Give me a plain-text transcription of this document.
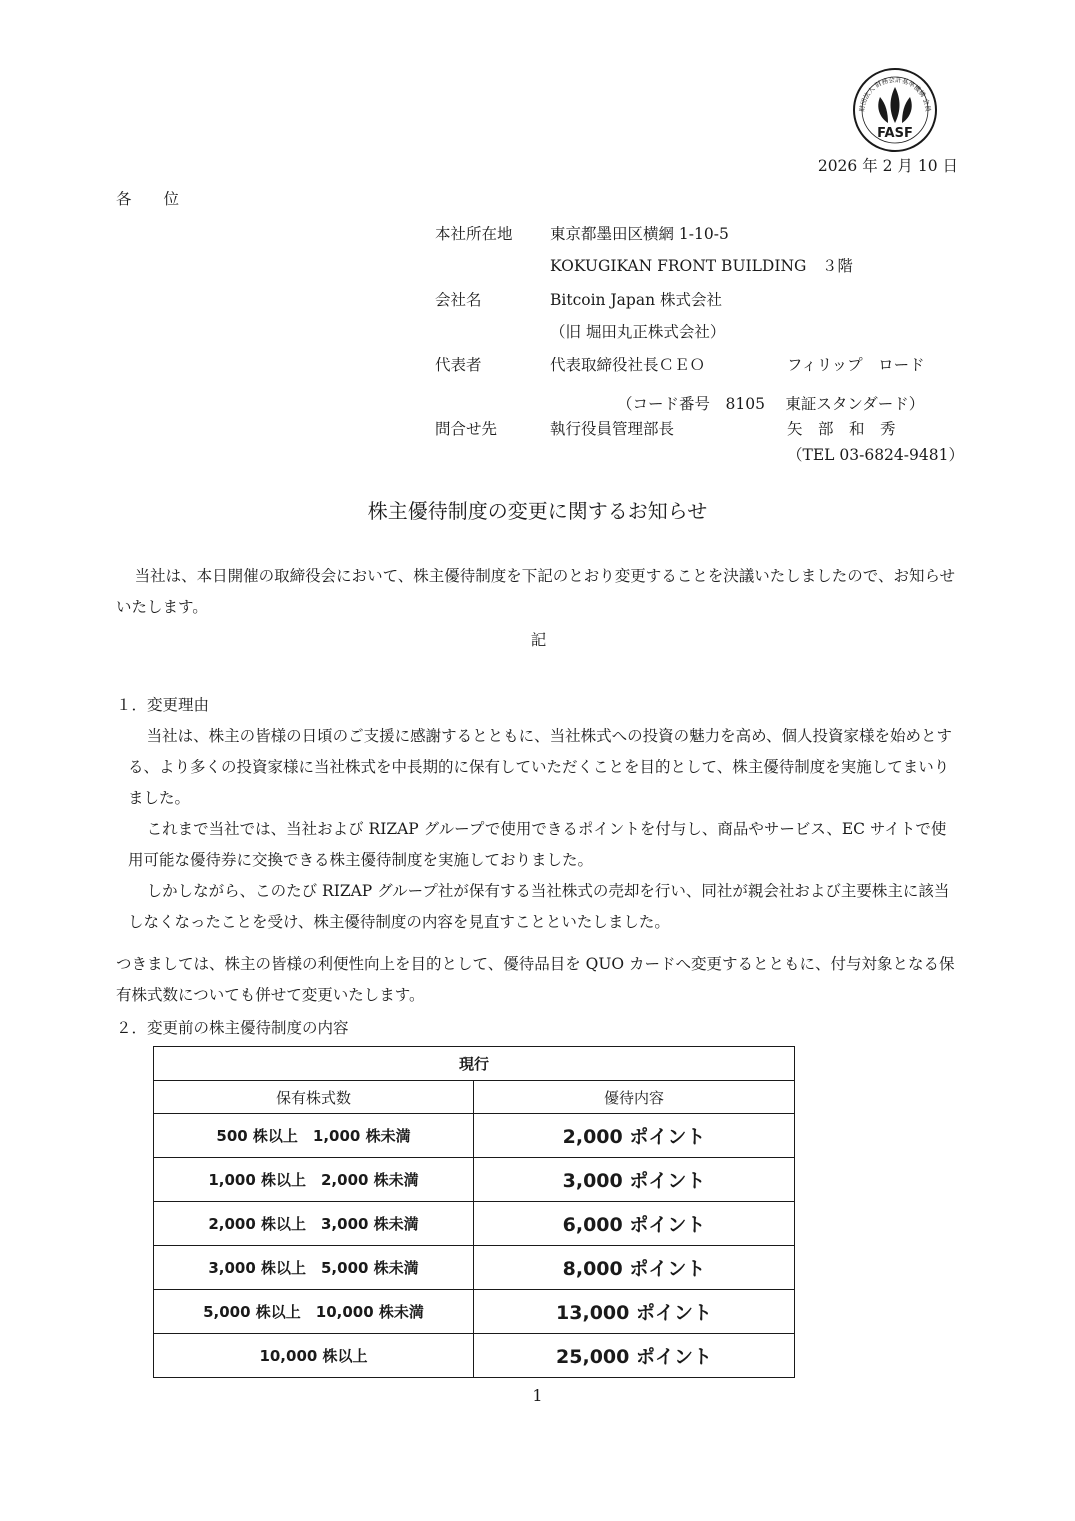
財団法人 財務会計基準機構 会員
FASF
2026 年 2 月 10 日
各位
本社所在地 東京都墨田区横網 1-10-5
KOKUGIKAN FRONT BUILDING　３階
会社名	Bitcoin Japan 株式会社
（旧 堀田丸正株式会社）
代表者	代表取締役社長ＣＥＯ	フィリップ　ロード
（コード番号　8105　 東証スタンダード）
問合せ先	執行役員管理部長	矢　部　和　秀
（TEL 03-6824-9481）
株主優待制度の変更に関するお知らせ

当社は、本日開催の取締役会において、株主優待制度を下記のとおり変更することを決議いたしましたので、お知らせいたします。

記
１．変更理由

当社は、株主の皆様の日頃のご支援に感謝するとともに、当社株式への投資の魅力を高め、個人投資家様を始めとする、より多くの投資家様に当社株式を中長期的に保有していただくことを目的として、株主優待制度を実施してまいりました。

これまで当社では、当社および RIZAP グループで使用できるポイントを付与し、商品やサービス、EC サイトで使用可能な優待券に交換できる株主優待制度を実施しておりました。

しかしながら、このたび RIZAP グループ社が保有する当社株式の売却を行い、同社が親会社および主要株主に該当しなくなったことを受け、株主優待制度の内容を見直すことといたしました。

つきましては、株主の皆様の利便性向上を目的として、優待品目を QUO カードへ変更するとともに、付与対象となる保有株式数についても併せて変更いたします。

２．変更前の株主優待制度の内容
現行	
保有株式数	優待内容
500 株以上　1,000 株未満	2,000 ポイント
1,000 株以上　2,000 株未満	3,000 ポイント
2,000 株以上　3,000 株未満	6,000 ポイント
3,000 株以上　5,000 株未満	8,000 ポイント
5,000 株以上　10,000 株未満	13,000 ポイント
10,000 株以上	25,000 ポイント
1
